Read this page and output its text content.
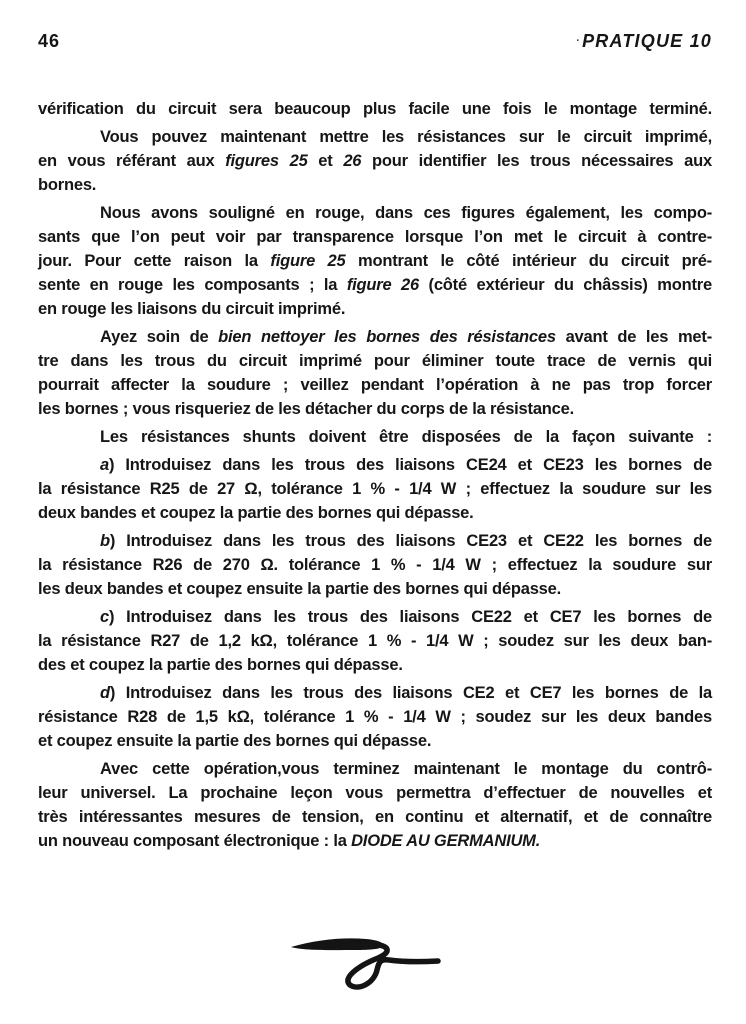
46	· PRATIQUE 10
vérification du circuit sera beaucoup plus facile une fois le montage terminé.
Vous pouvez maintenant mettre les résistances sur le circuit imprimé,
en vous référant aux figures 25 et 26 pour identifier les trous nécessaires aux
bornes.
Nous avons souligné en rouge, dans ces figures également, les compo-
sants que l’on peut voir par transparence lorsque l’on met le circuit à contre-
jour. Pour cette raison la figure 25 montrant le côté intérieur du circuit pré-
sente en rouge les composants ; la figure 26 (côté extérieur du châssis) montre
en rouge les liaisons du circuit imprimé.
Ayez soin de bien nettoyer les bornes des résistances avant de les met-
tre dans les trous du circuit imprimé pour éliminer toute trace de vernis qui
pourrait affecter la soudure ; veillez pendant l’opération à ne pas trop forcer
les bornes ; vous risqueriez de les détacher du corps de la résistance.
Les résistances shunts doivent être disposées de la façon suivante :
a) Introduisez dans les trous des liaisons CE24 et CE23 les bornes de
la résistance R25 de 27 Ω, tolérance 1 % - 1/4 W ; effectuez la soudure sur les
deux bandes et coupez la partie des bornes qui dépasse.
b) Introduisez dans les trous des liaisons CE23 et CE22 les bornes de
la résistance R26 de 270 Ω. tolérance 1 % - 1/4 W ; effectuez la soudure sur
les deux bandes et coupez ensuite la partie des bornes qui dépasse.
c) Introduisez dans les trous des liaisons CE22 et CE7 les bornes de
la résistance R27 de 1,2 kΩ, tolérance 1 % - 1/4 W ; soudez sur les deux ban-
des et coupez la partie des bornes qui dépasse.
d) Introduisez dans les trous des liaisons CE2 et CE7 les bornes de la
résistance R28 de 1,5 kΩ, tolérance 1 % - 1/4 W ; soudez sur les deux bandes
et coupez ensuite la partie des bornes qui dépasse.
Avec cette opération,vous terminez maintenant le montage du contrô-
leur universel. La prochaine leçon vous permettra d’effectuer de nouvelles et
très intéressantes mesures de tension, en continu et alternatif, et de connaître
un nouveau composant électronique : la DIODE AU GERMANIUM.
